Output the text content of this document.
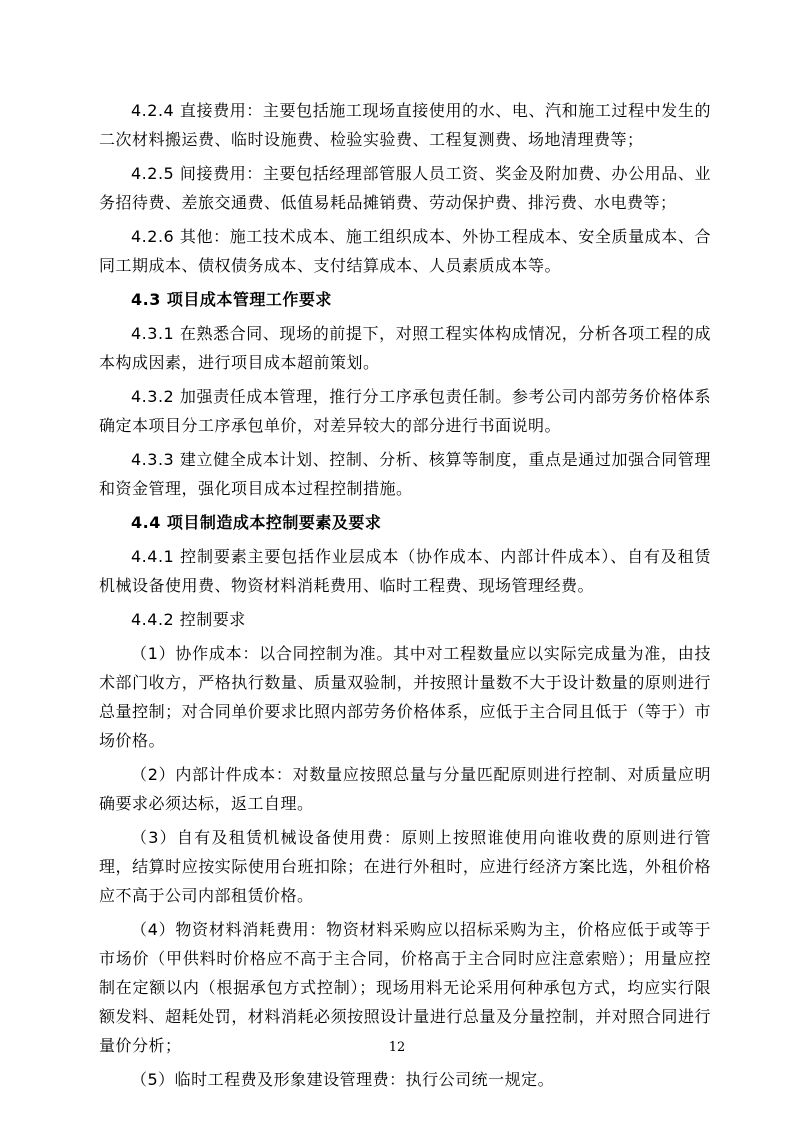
4.2.4 直接费用：主要包括施工现场直接使用的水、电、汽和施工过程中发生的二次材料搬运费、临时设施费、检验实验费、工程复测费、场地清理费等；

4.2.5 间接费用：主要包括经理部管服人员工资、奖金及附加费、办公用品、业务招待费、差旅交通费、低值易耗品摊销费、劳动保护费、排污费、水电费等；

4.2.6 其他：施工技术成本、施工组织成本、外协工程成本、安全质量成本、合同工期成本、债权债务成本、支付结算成本、人员素质成本等。

4.3 项目成本管理工作要求

4.3.1 在熟悉合同、现场的前提下，对照工程实体构成情况，分析各项工程的成本构成因素，进行项目成本超前策划。

4.3.2 加强责任成本管理，推行分工序承包责任制。参考公司内部劳务价格体系确定本项目分工序承包单价，对差异较大的部分进行书面说明。

4.3.3 建立健全成本计划、控制、分析、核算等制度，重点是通过加强合同管理和资金管理，强化项目成本过程控制措施。

4.4 项目制造成本控制要素及要求

4.4.1 控制要素主要包括作业层成本（协作成本、内部计件成本）、自有及租赁机械设备使用费、物资材料消耗费用、临时工程费、现场管理经费。

4.4.2 控制要求

（1）协作成本：以合同控制为准。其中对工程数量应以实际完成量为准，由技术部门收方，严格执行数量、质量双验制，并按照计量数不大于设计数量的原则进行总量控制；对合同单价要求比照内部劳务价格体系，应低于主合同且低于（等于）市场价格。

（2）内部计件成本：对数量应按照总量与分量匹配原则进行控制、对质量应明确要求必须达标，返工自理。

（3）自有及租赁机械设备使用费：原则上按照谁使用向谁收费的原则进行管理，结算时应按实际使用台班扣除；在进行外租时，应进行经济方案比选，外租价格应不高于公司内部租赁价格。

（4）物资材料消耗费用：物资材料采购应以招标采购为主，价格应低于或等于市场价（甲供料时价格应不高于主合同，价格高于主合同时应注意索赔）；用量应控制在定额以内（根据承包方式控制）；现场用料无论采用何种承包方式，均应实行限额发料、超耗处罚，材料消耗必须按照设计量进行总量及分量控制，并对照合同进行量价分析；

（5）临时工程费及形象建设管理费：执行公司统一规定。

12
